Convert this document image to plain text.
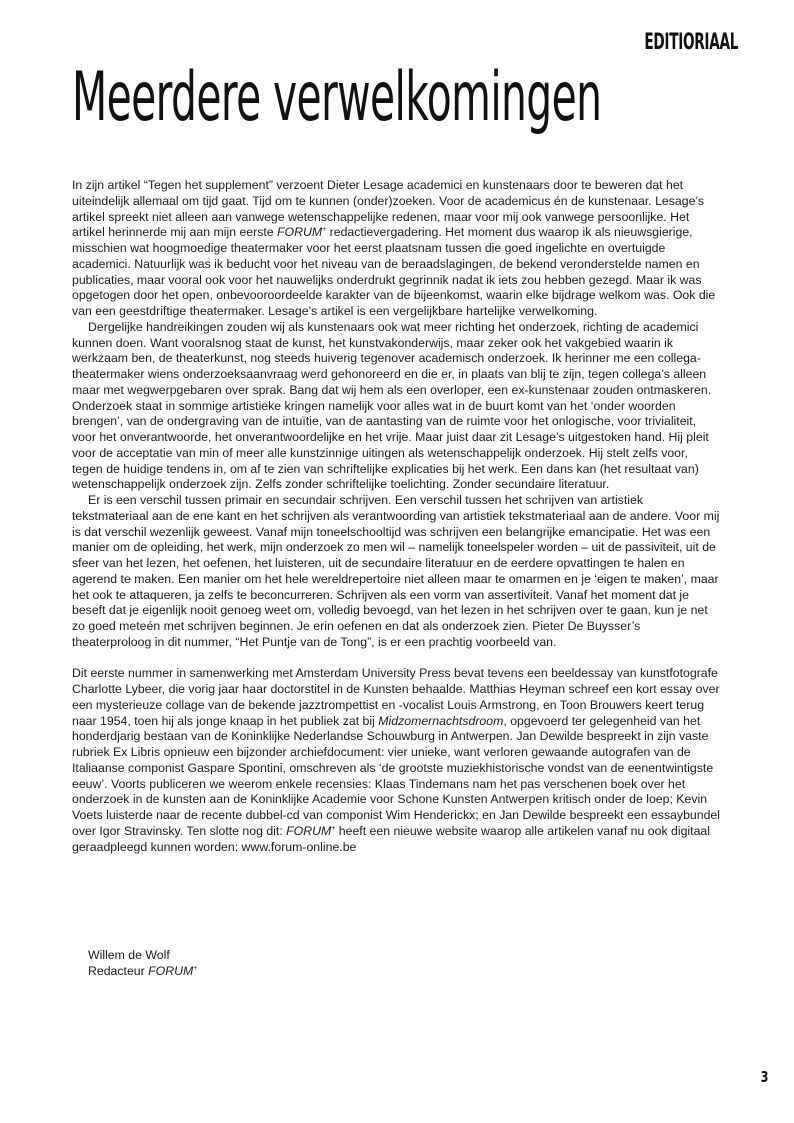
EDITIORIAAL
Meerdere verwelkomingen

In zijn artikel “Tegen het supplement” verzoent Dieter Lesage academici en kunstenaars door te beweren dat het uiteindelijk allemaal om tijd gaat. Tijd om te kunnen (onder)zoeken. Voor de academicus én de kunstenaar. Lesage’s artikel spreekt niet alleen aan vanwege wetenschappelijke redenen, maar voor mij ook vanwege persoonlijke. Het artikel herinnerde mij aan mijn eerste FORUM+ redactievergadering. Het moment dus waarop ik als nieuwsgierige, misschien wat hoogmoedige theatermaker voor het eerst plaatsnam tussen die goed ingelichte en overtuigde academici. Natuurlijk was ik beducht voor het niveau van de beraadslagingen, de bekend veronderstelde namen en publicaties, maar vooral ook voor het nauwelijks onderdrukt gegrinnik nadat ik iets zou hebben gezegd. Maar ik was opgetogen door het open, onbevooroordeelde karakter van de bijeenkomst, waarin elke bijdrage welkom was. Ook die van een geestdriftige theatermaker. Lesage’s artikel is een vergelijkbare hartelijke verwelkoming.

Dergelijke handreikingen zouden wij als kunstenaars ook wat meer richting het onderzoek, richting de academici kunnen doen. Want vooralsnog staat de kunst, het kunstvakonderwijs, maar zeker ook het vakgebied waarin ik werkzaam ben, de theaterkunst, nog steeds huiverig tegenover academisch onderzoek. Ik herinner me een collega-theatermaker wiens onderzoeksaanvraag werd gehonoreerd en die er, in plaats van blij te zijn, tegen collega’s alleen maar met wegwerpgebaren over sprak. Bang dat wij hem als een overloper, een ex-kunstenaar zouden ontmaskeren. Onderzoek staat in sommige artistieke kringen namelijk voor alles wat in de buurt komt van het ‘onder woorden brengen’, van de ondergraving van de intuïtie, van de aantasting van de ruimte voor het onlogische, voor trivialiteit, voor het onverantwoorde, het onverantwoordelijke en het vrije. Maar juist daar zit Lesage’s uitgestoken hand. Hij pleit voor de acceptatie van min of meer alle kunstzinnige uitingen als wetenschappelijk onderzoek. Hij stelt zelfs voor, tegen de huidige tendens in, om af te zien van schriftelijke explicaties bij het werk. Een dans kan (het resultaat van) wetenschappelijk onderzoek zijn. Zelfs zonder schriftelijke toelichting. Zonder secundaire literatuur.

Er is een verschil tussen primair en secundair schrijven. Een verschil tussen het schrijven van artistiek tekstmateriaal aan de ene kant en het schrijven als verantwoording van artistiek tekstmateriaal aan de andere. Voor mij is dat verschil wezenlijk geweest. Vanaf mijn toneelschooltijd was schrijven een belangrijke emancipatie. Het was een manier om de opleiding, het werk, mijn onderzoek zo men wil – namelijk toneelspeler worden – uit de passiviteit, uit de sfeer van het lezen, het oefenen, het luisteren, uit de secundaire literatuur en de eerdere opvattingen te halen en agerend te maken. Een manier om het hele wereldrepertoire niet alleen maar te omarmen en je ‘eigen te maken’, maar het ook te attaqueren, ja zelfs te beconcurreren. Schrijven als een vorm van assertiviteit. Vanaf het moment dat je beseft dat je eigenlijk nooit genoeg weet om, volledig bevoegd, van het lezen in het schrijven over te gaan, kun je net zo goed meteén met schrijven beginnen. Je erin oefenen en dat als onderzoek zien. Pieter De Buysser’s theaterproloog in dit nummer, “Het Puntje van de Tong”, is er een prachtig voorbeeld van.

Dit eerste nummer in samenwerking met Amsterdam University Press bevat tevens een beeldessay van kunstfotografe Charlotte Lybeer, die vorig jaar haar doctorstitel in de Kunsten behaalde. Matthias Heyman schreef een kort essay over een mysterieuze collage van de bekende jazztrompettist en -vocalist Louis Armstrong, en Toon Brouwers keert terug naar 1954, toen hij als jonge knaap in het publiek zat bij Midzomernachtsdroom, opgevoerd ter gelegenheid van het honderdjarig bestaan van de Koninklijke Nederlandse Schouwburg in Antwerpen. Jan Dewilde bespreekt in zijn vaste rubriek Ex Libris opnieuw een bijzonder archiefdocument: vier unieke, want verloren gewaande autografen van de Italiaanse componist Gaspare Spontini, omschreven als ‘de grootste muziekhistorische vondst van de eenentwintigste eeuw’. Voorts publiceren we weerom enkele recensies: Klaas Tindemans nam het pas verschenen boek over het onderzoek in de kunsten aan de Koninklijke Academie voor Schone Kunsten Antwerpen kritisch onder de loep; Kevin Voets luisterde naar de recente dubbel-cd van componist Wim Henderickx; en Jan Dewilde bespreekt een essaybundel over Igor Stravinsky. Ten slotte nog dit: FORUM+ heeft een nieuwe website waarop alle artikelen vanaf nu ook digitaal geraadpleegd kunnen worden: www.forum-online.be

Willem de Wolf
Redacteur FORUM+
3
